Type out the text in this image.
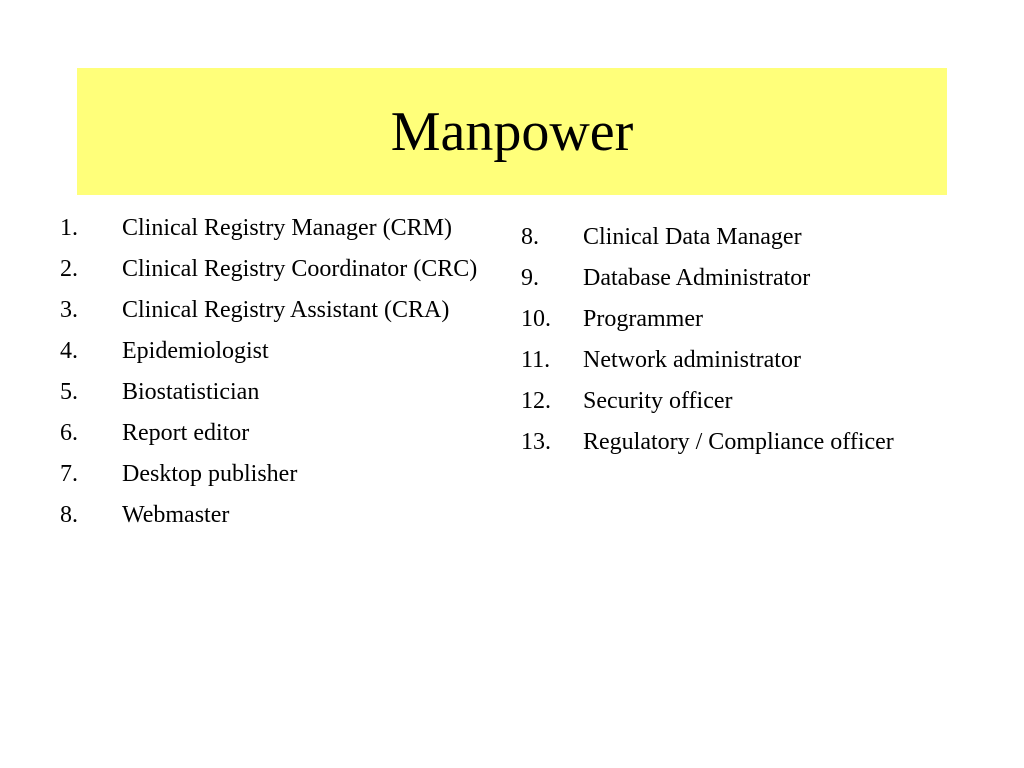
Manpower
1. Clinical Registry Manager (CRM)
2. Clinical Registry Coordinator (CRC)
3. Clinical Registry Assistant (CRA)
4. Epidemiologist
5. Biostatistician
6. Report editor
7. Desktop publisher
8. Webmaster
8. Clinical Data Manager
9. Database Administrator
10. Programmer
11. Network administrator
12. Security officer
13. Regulatory / Compliance officer
